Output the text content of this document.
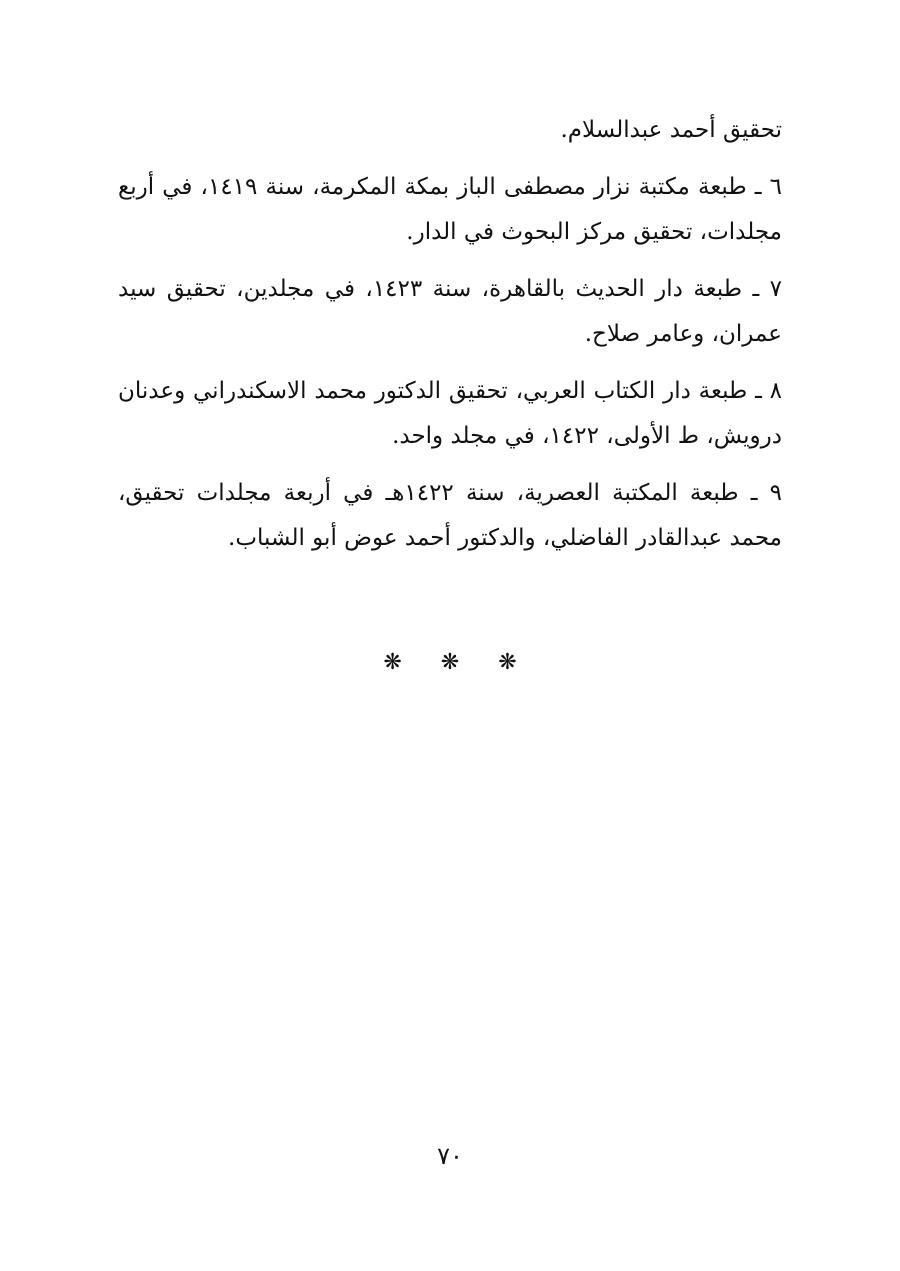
تحقيق أحمد عبدالسلام.

٦ ـ طبعة مكتبة نزار مصطفى الباز بمكة المكرمة، سنة ١٤١٩، في أربع مجلدات، تحقيق مركز البحوث في الدار.

٧ ـ طبعة دار الحديث بالقاهرة، سنة ١٤٢٣، في مجلدين، تحقيق سيد عمران، وعامر صلاح.

٨ ـ طبعة دار الكتاب العربي، تحقيق الدكتور محمد الاسكندراني وعدنان درويش، ط الأولى، ١٤٢٢، في مجلد واحد.

٩ ـ طبعة المكتبة العصرية، سنة ١٤٢٢هـ في أربعة مجلدات تحقيق، محمد عبدالقادر الفاضلي، والدكتور أحمد عوض أبو الشباب.

❋ ❋ ❋
٧٠
